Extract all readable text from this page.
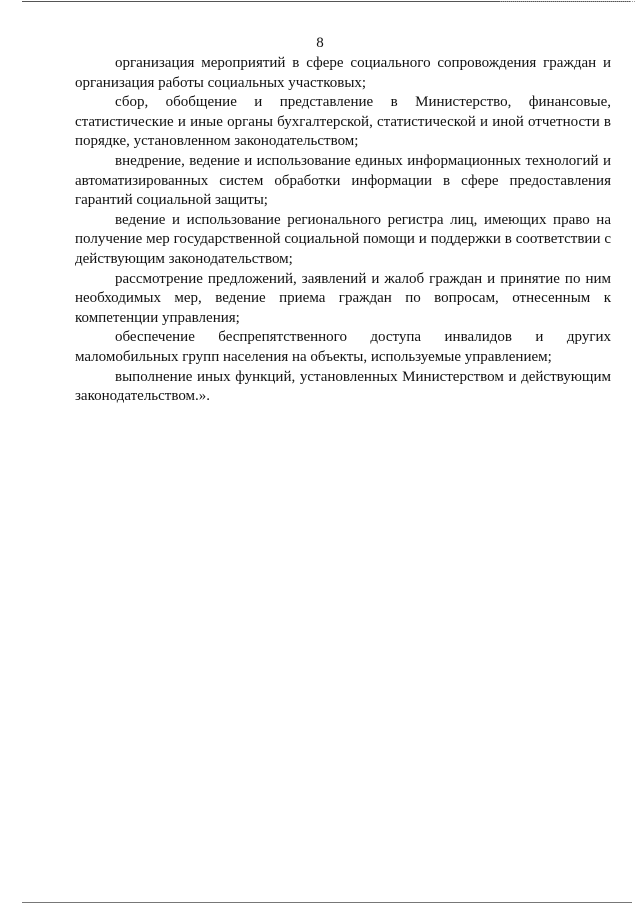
8

организация мероприятий в сфере социального сопровождения граждан и организация работы социальных участковых;

сбор, обобщение и представление в Министерство, финансовые, статистические и иные органы бухгалтерской, статистической и иной отчетности в порядке, установленном законодательством;

внедрение, ведение и использование единых информационных технологий и автоматизированных систем обработки информации в сфере предоставления гарантий социальной защиты;

ведение и использование регионального регистра лиц, имеющих право на получение мер государственной социальной помощи и поддержки в соответствии с действующим законодательством;

рассмотрение предложений, заявлений и жалоб граждан и принятие по ним необходимых мер, ведение приема граждан по вопросам, отнесенным к компетенции управления;

обеспечение беспрепятственного доступа инвалидов и других маломобильных групп населения на объекты, используемые управлением;

выполнение иных функций, установленных Министерством и действующим законодательством.».
